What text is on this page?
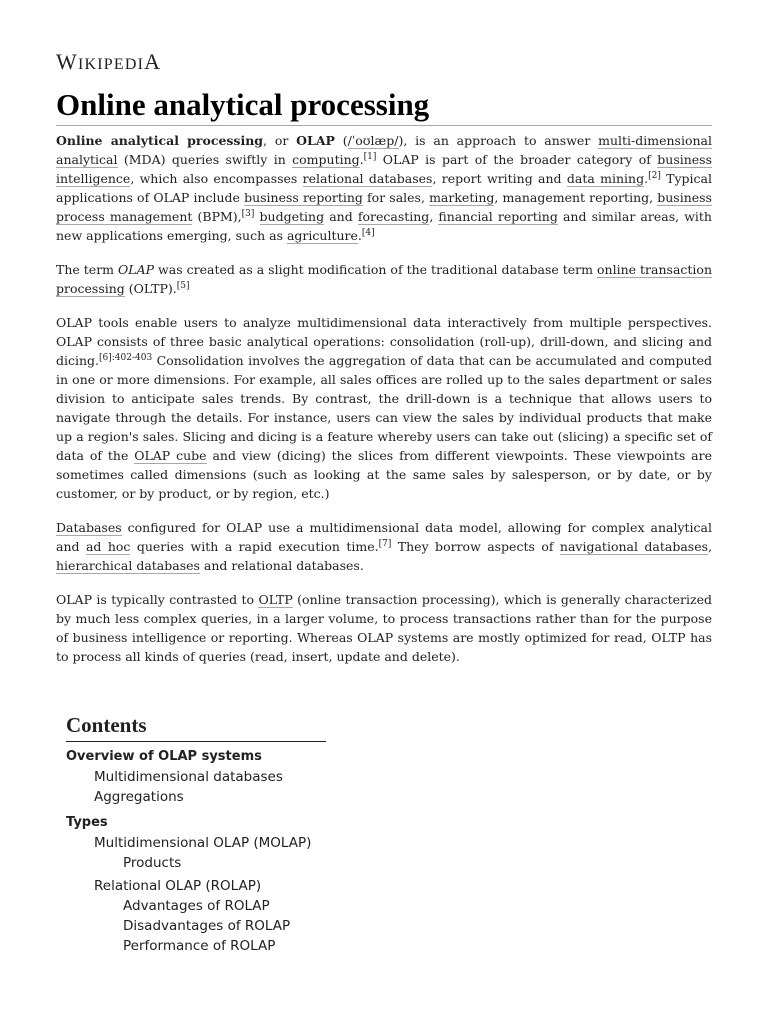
WIKIPEDIA
Online analytical processing

Online analytical processing, or OLAP (/ˈoʊlæp/), is an approach to answer multi-dimensional analytical (MDA) queries swiftly in computing.[1] OLAP is part of the broader category of business intelligence, which also encompasses relational databases, report writing and data mining.[2] Typical applications of OLAP include business reporting for sales, marketing, management reporting, business process management (BPM),[3] budgeting and forecasting, financial reporting and similar areas, with new applications emerging, such as agriculture.[4]

The term OLAP was created as a slight modification of the traditional database term online transaction processing (OLTP).[5]

OLAP tools enable users to analyze multidimensional data interactively from multiple perspectives. OLAP consists of three basic analytical operations: consolidation (roll-up), drill-down, and slicing and dicing.$^{[6]:402-403}$ Consolidation involves the aggregation of data that can be accumulated and computed in one or more dimensions. For example, all sales offices are rolled up to the sales department or sales division to anticipate sales trends. By contrast, the drill-down is a technique that allows users to navigate through the details. For instance, users can view the sales by individual products that make up a region's sales. Slicing and dicing is a feature whereby users can take out (slicing) a specific set of data of the OLAP cube and view (dicing) the slices from different viewpoints. These viewpoints are sometimes called dimensions (such as looking at the same sales by salesperson, or by date, or by customer, or by product, or by region, etc.)

Databases configured for OLAP use a multidimensional data model, allowing for complex analytical and ad hoc queries with a rapid execution time.[7] They borrow aspects of navigational databases, hierarchical databases and relational databases.

OLAP is typically contrasted to OLTP (online transaction processing), which is generally characterized by much less complex queries, in a larger volume, to process transactions rather than for the purpose of business intelligence or reporting. Whereas OLAP systems are mostly optimized for read, OLTP has to process all kinds of queries (read, insert, update and delete).

Contents
Overview of OLAP systems
Multidimensional databases
Aggregations
Types
Multidimensional OLAP (MOLAP)
Products
Relational OLAP (ROLAP)
Advantages of ROLAP
Disadvantages of ROLAP
Performance of ROLAP
